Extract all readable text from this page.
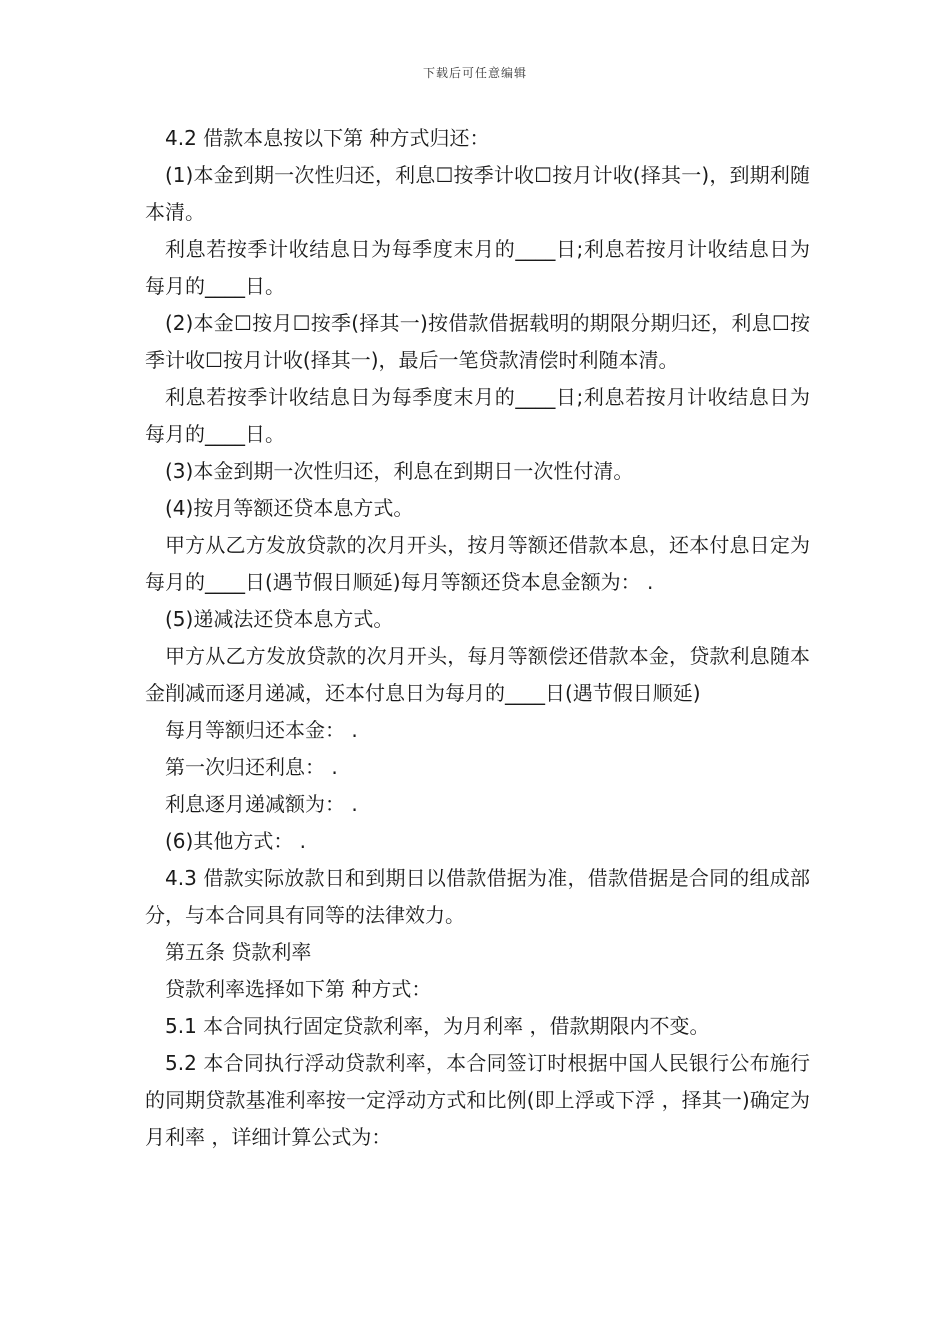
下载后可任意编辑

4.2 借款本息按以下第 种方式归还：

(1)本金到期一次性归还，利息☐按季计收☐按月计收(择其一)，到期利随本清。

利息若按季计收结息日为每季度末月的____日;利息若按月计收结息日为每月的____日。

(2)本金☐按月☐按季(择其一)按借款借据载明的期限分期归还，利息☐按季计收☐按月计收(择其一)，最后一笔贷款清偿时利随本清。

利息若按季计收结息日为每季度末月的____日;利息若按月计收结息日为每月的____日。

(3)本金到期一次性归还，利息在到期日一次性付清。

(4)按月等额还贷本息方式。

甲方从乙方发放贷款的次月开头，按月等额还借款本息，还本付息日定为每月的____日(遇节假日顺延)每月等额还贷本息金额为： .

(5)递减法还贷本息方式。

甲方从乙方发放贷款的次月开头，每月等额偿还借款本金，贷款利息随本金削减而逐月递减，还本付息日为每月的____日(遇节假日顺延)

每月等额归还本金： .

第一次归还利息： .

利息逐月递减额为： .

(6)其他方式： .

4.3 借款实际放款日和到期日以借款借据为准，借款借据是合同的组成部分，与本合同具有同等的法律效力。

第五条 贷款利率

贷款利率选择如下第 种方式：

5.1 本合同执行固定贷款利率，为月利率 ，借款期限内不变。

5.2 本合同执行浮动贷款利率，本合同签订时根据中国人民银行公布施行的同期贷款基准利率按一定浮动方式和比例(即上浮或下浮 ，择其一)确定为月利率 ，详细计算公式为：
